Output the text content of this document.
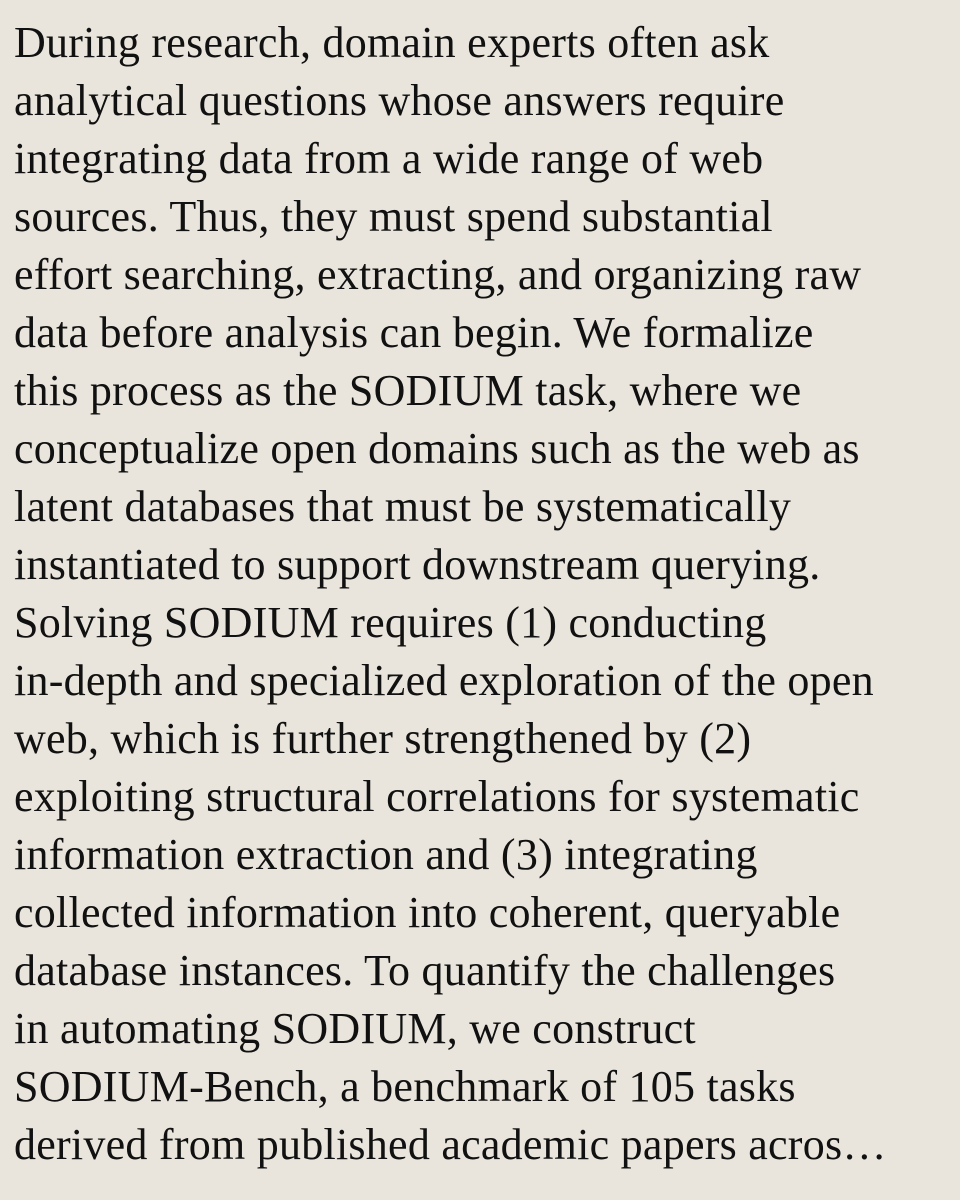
During research, domain experts often ask

analytical questions whose answers require

integrating data from a wide range of web

sources. Thus, they must spend substantial

effort searching, extracting, and organizing raw

data before analysis can begin. We formalize

this process as the SODIUM task, where we

conceptualize open domains such as the web as

latent databases that must be systematically

instantiated to support downstream querying.

Solving SODIUM requires (1) conducting

in-depth and specialized exploration of the open

web, which is further strengthened by (2)

exploiting structural correlations for systematic

information extraction and (3) integrating

collected information into coherent, queryable

database instances. To quantify the challenges

in automating SODIUM, we construct

SODIUM-Bench, a benchmark of 105 tasks

derived from published academic papers acros…
